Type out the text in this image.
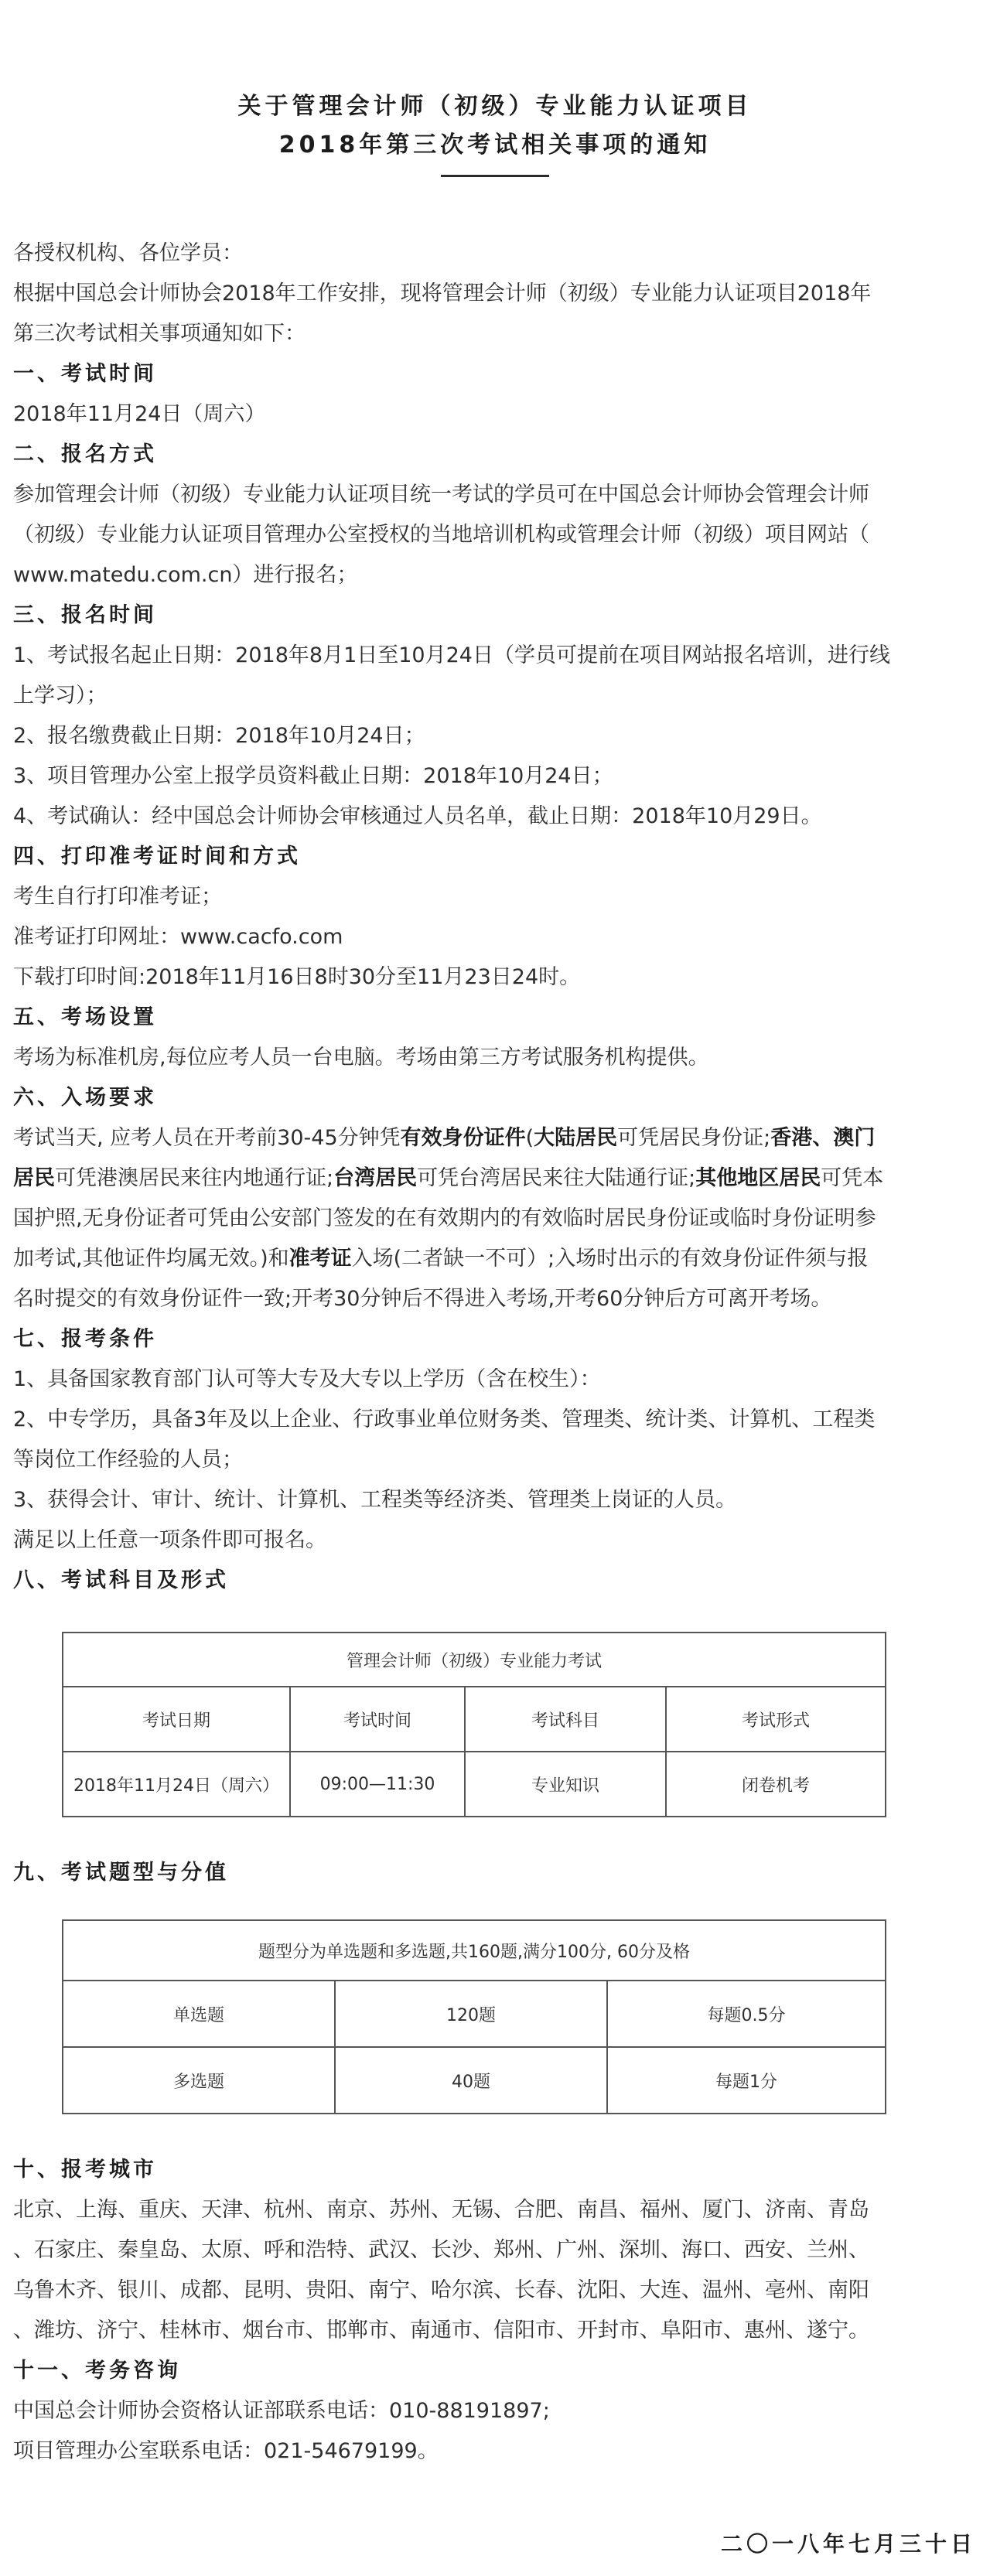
关于管理会计师（初级）专业能力认证项目
2018年第三次考试相关事项的通知
各授权机构、各位学员：
根据中国总会计师协会2018年工作安排，现将管理会计师（初级）专业能力认证项目2018年
第三次考试相关事项通知如下：
一、考试时间
2018年11月24日（周六）
二、报名方式
参加管理会计师（初级）专业能力认证项目统一考试的学员可在中国总会计师协会管理会计师
（初级）专业能力认证项目管理办公室授权的当地培训机构或管理会计师（初级）项目网站（
www.matedu.com.cn）进行报名；
三、报名时间
1、考试报名起止日期：2018年8月1日至10月24日（学员可提前在项目网站报名培训，进行线
上学习）；
2、报名缴费截止日期：2018年10月24日；
3、项目管理办公室上报学员资料截止日期：2018年10月24日；
4、考试确认：经中国总会计师协会审核通过人员名单，截止日期：2018年10月29日。
四、打印准考证时间和方式
考生自行打印准考证；
准考证打印网址：www.cacfo.com
下载打印时间:2018年11月16日8时30分至11月23日24时。
五、考场设置
考场为标准机房,每位应考人员一台电脑。考场由第三方考试服务机构提供。
六、入场要求
考试当天, 应考人员在开考前30-45分钟凭有效身份证件(大陆居民可凭居民身份证;香港、澳门
居民可凭港澳居民来往内地通行证;台湾居民可凭台湾居民来往大陆通行证;其他地区居民可凭本
国护照,无身份证者可凭由公安部门签发的在有效期内的有效临时居民身份证或临时身份证明参
加考试,其他证件均属无效。)和准考证入场(二者缺一不可）;入场时出示的有效身份证件须与报
名时提交的有效身份证件一致;开考30分钟后不得进入考场,开考60分钟后方可离开考场。
七、报考条件
1、具备国家教育部门认可等大专及大专以上学历（含在校生）：
2、中专学历，具备3年及以上企业、行政事业单位财务类、管理类、统计类、计算机、工程类
等岗位工作经验的人员；
3、获得会计、审计、统计、计算机、工程类等经济类、管理类上岗证的人员。
满足以上任意一项条件即可报名。
八、考试科目及形式
管理会计师（初级）专业能力考试			
考试日期	考试时间	考试科目	考试形式
2018年11月24日（周六）	09:00—11:30	专业知识	闭卷机考
九、考试题型与分值
题型分为单选题和多选题,共160题,满分100分, 60分及格		
单选题	120题	每题0.5分
多选题	40题	每题1分
十、报考城市
北京、上海、重庆、天津、杭州、南京、苏州、无锡、合肥、南昌、福州、厦门、济南、青岛
、石家庄、秦皇岛、太原、呼和浩特、武汉、长沙、郑州、广州、深圳、海口、西安、兰州、
乌鲁木齐、银川、成都、昆明、贵阳、南宁、哈尔滨、长春、沈阳、大连、温州、亳州、南阳
、潍坊、济宁、桂林市、烟台市、邯郸市、南通市、信阳市、开封市、阜阳市、惠州、遂宁。
十一、考务咨询
中国总会计师协会资格认证部联系电话：010-88191897;
项目管理办公室联系电话：021-54679199。
二〇一八年七月三十日
